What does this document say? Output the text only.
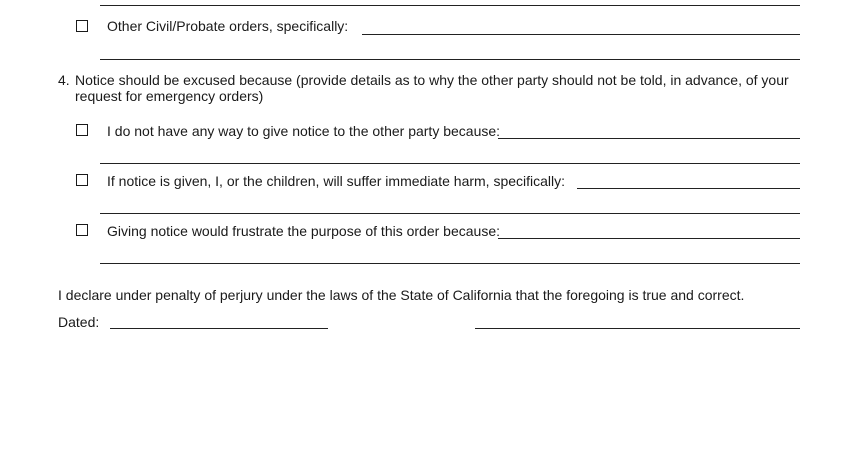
Other Civil/Probate orders, specifically:
4. Notice should be excused because (provide details as to why the other party should not be told, in advance, of your
request for emergency orders)
I do not have any way to give notice to the other party because:
If notice is given, I, or the children, will suffer immediate harm, specifically:
Giving notice would frustrate the purpose of this order because:
I declare under penalty of perjury under the laws of the State of California that the foregoing is true and correct.
Dated:
